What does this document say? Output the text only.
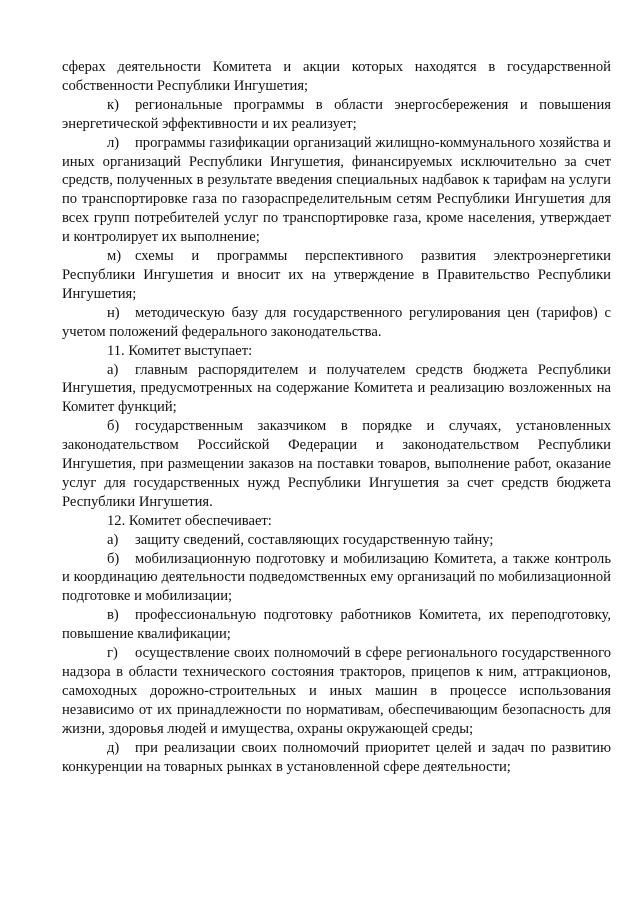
сферах деятельности Комитета и акции которых находятся в государственной собственности Республики Ингушетия;

к) региональные программы в области энергосбережения и повышения энергетической эффективности и их реализует;

л) программы газификации организаций жилищно-коммунального хозяйства и иных организаций Республики Ингушетия, финансируемых исключительно за счет средств, полученных в результате введения специальных надбавок к тарифам на услуги по транспортировке газа по газораспределительным сетям Республики Ингушетия для всех групп потребителей услуг по транспортировке газа, кроме населения, утверждает и контролирует их выполнение;

м) схемы и программы перспективного развития электроэнергетики Республики Ингушетия и вносит их на утверждение в Правительство Республики Ингушетия;

н) методическую базу для государственного регулирования цен (тарифов) с учетом положений федерального законодательства.

11. Комитет выступает:

а) главным распорядителем и получателем средств бюджета Республики Ингушетия, предусмотренных на содержание Комитета и реализацию возложенных на Комитет функций;

б) государственным заказчиком в порядке и случаях, установленных законодательством Российской Федерации и законодательством Республики Ингушетия, при размещении заказов на поставки товаров, выполнение работ, оказание услуг для государственных нужд Республики Ингушетия за счет средств бюджета Республики Ингушетия.

12. Комитет обеспечивает:

а) защиту сведений, составляющих государственную тайну;

б) мобилизационную подготовку и мобилизацию Комитета, а также контроль и координацию деятельности подведомственных ему организаций по мобилизационной подготовке и мобилизации;

в) профессиональную подготовку работников Комитета, их переподготовку, повышение квалификации;

г) осуществление своих полномочий в сфере регионального государственного надзора в области технического состояния тракторов, прицепов к ним, аттракционов, самоходных дорожно-строительных и иных машин в процессе использования независимо от их принадлежности по нормативам, обеспечивающим безопасность для жизни, здоровья людей и имущества, охраны окружающей среды;

д) при реализации своих полномочий приоритет целей и задач по развитию конкуренции на товарных рынках в установленной сфере деятельности;
